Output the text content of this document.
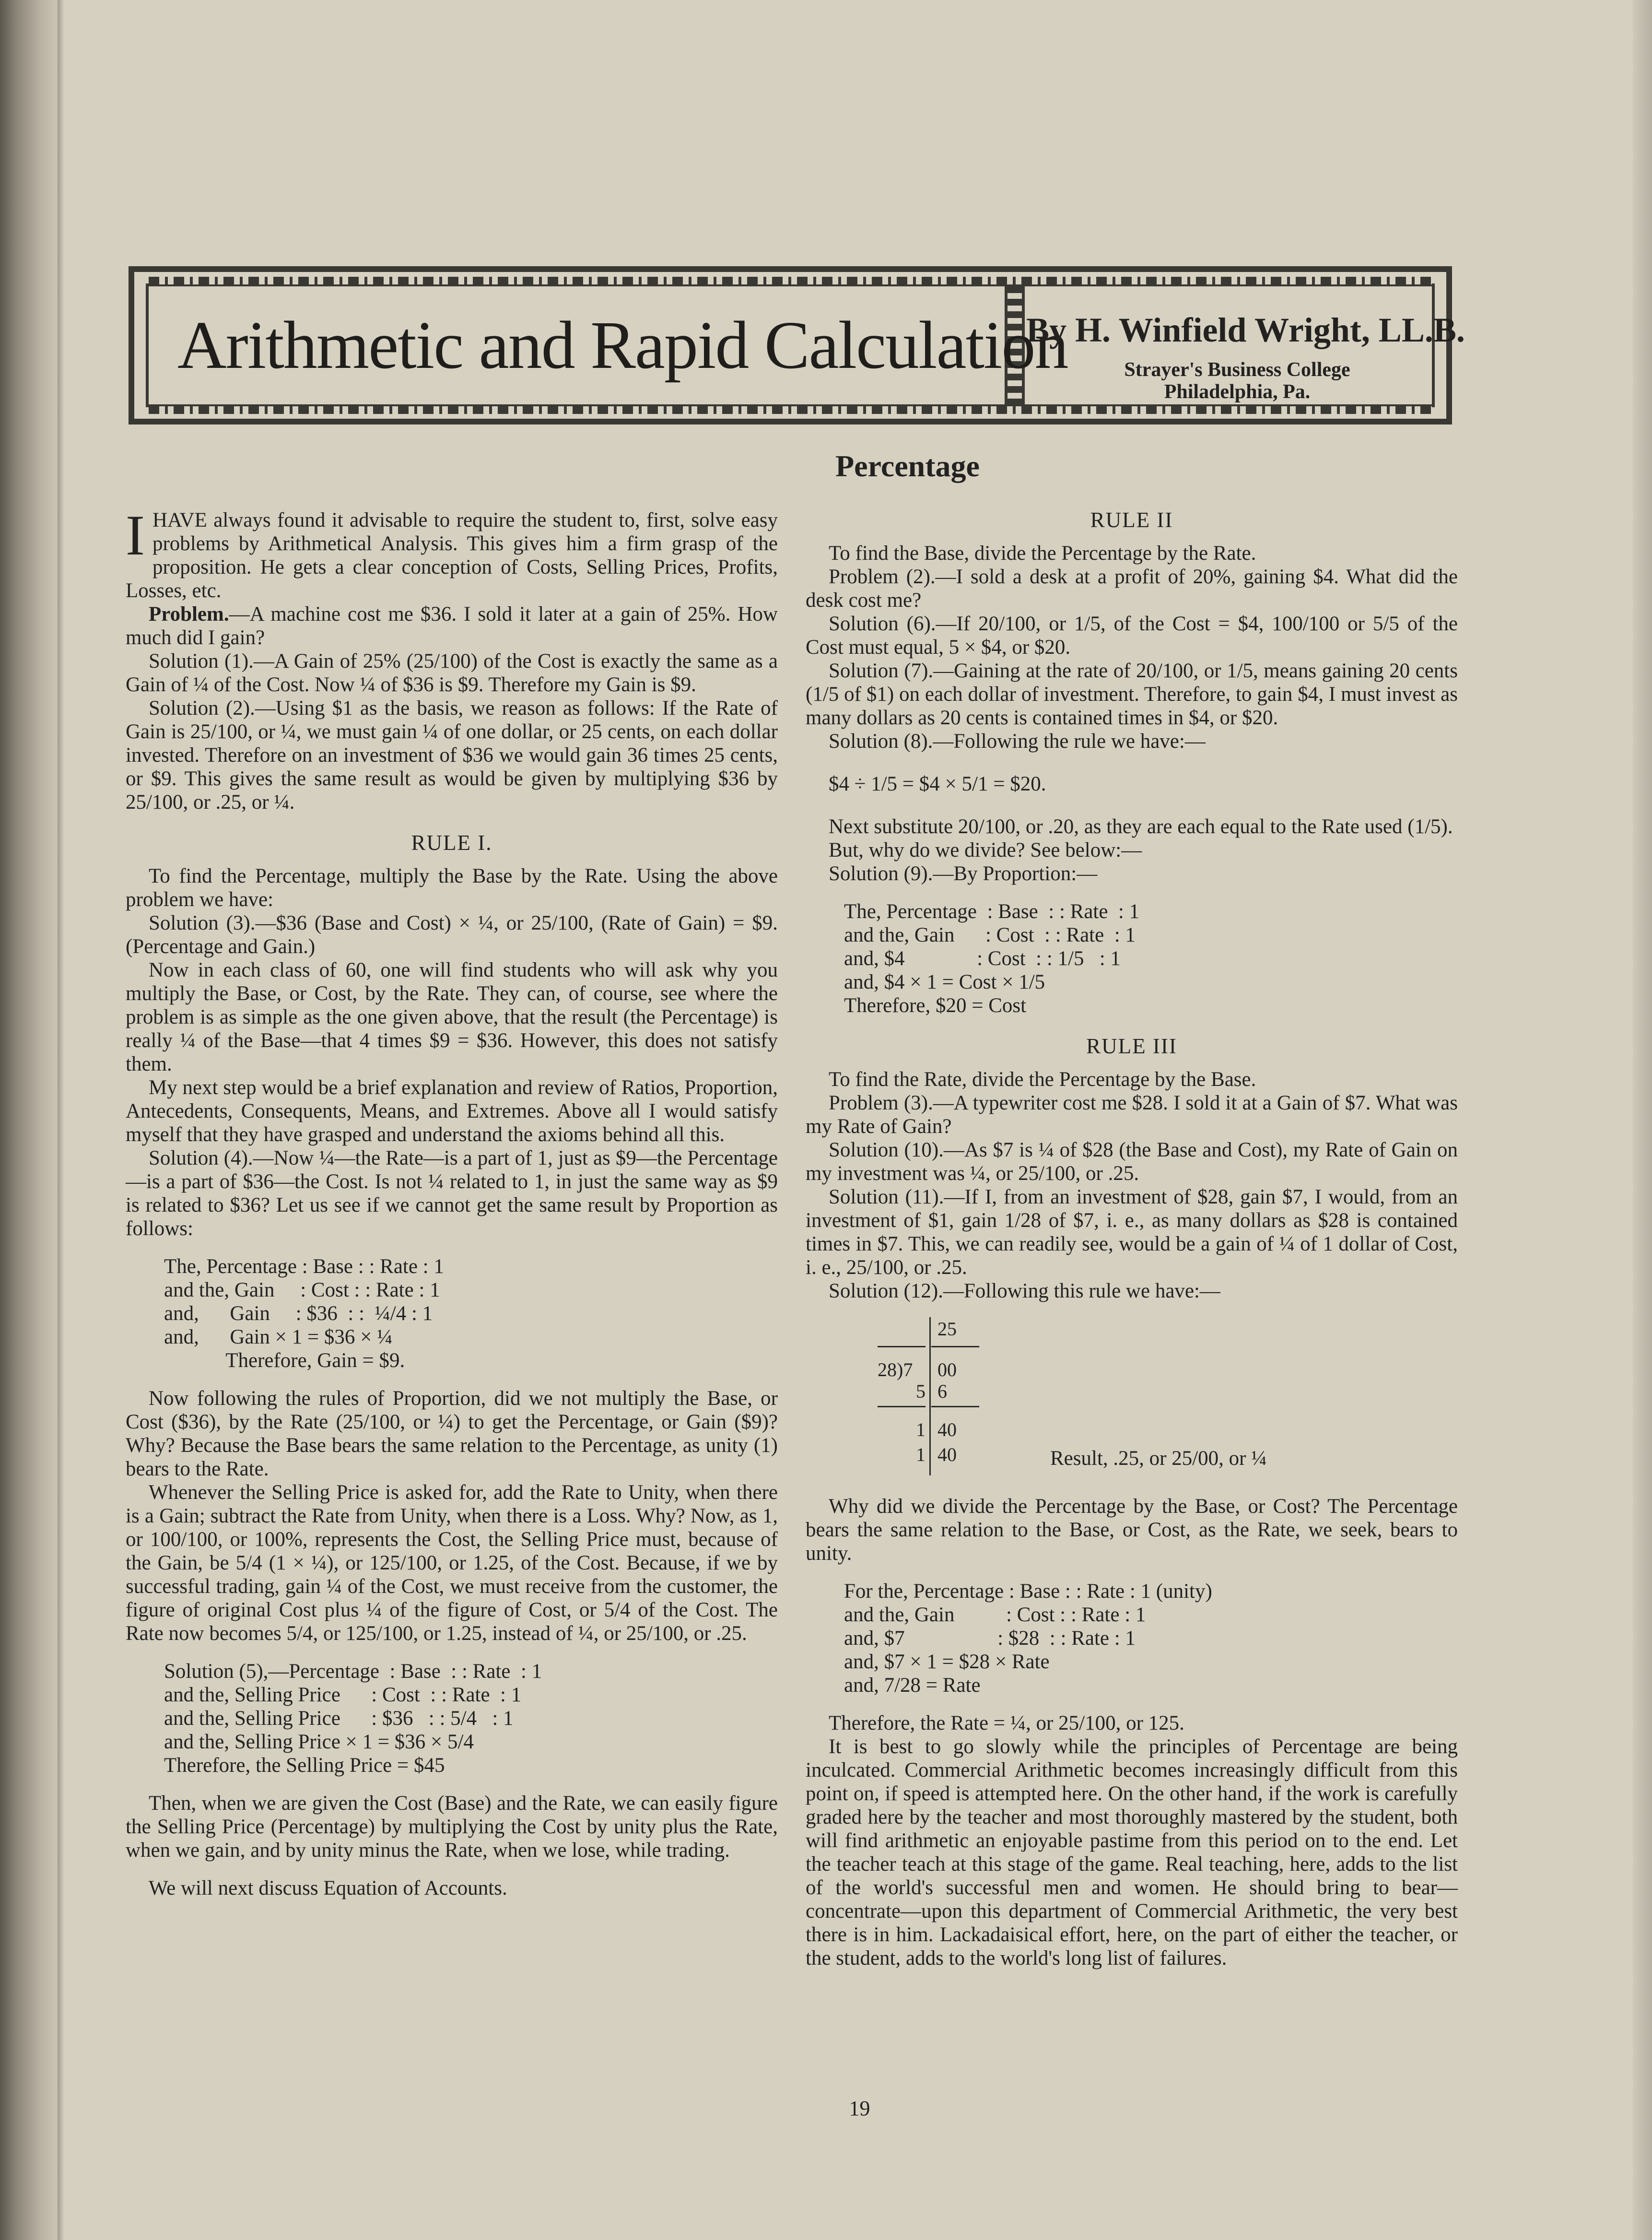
Arithmetic and Rapid Calculation
By H. Winfield Wright, LL.B.
Strayer's Business College
Philadelphia, Pa.
Percentage

IHAVE always found it advisable to require the student to, first, solve easy problems by Arithmetical Analysis. This gives him a firm grasp of the proposition. He gets a clear conception of Costs, Selling Prices, Profits, Losses, etc.

Problem.—A machine cost me $36. I sold it later at a gain of 25%. How much did I gain?

Solution (1).—A Gain of 25% (25/100) of the Cost is exactly the same as a Gain of ¼ of the Cost. Now ¼ of $36 is $9. Therefore my Gain is $9.

Solution (2).—Using $1 as the basis, we reason as follows: If the Rate of Gain is 25/100, or ¼, we must gain ¼ of one dollar, or 25 cents, on each dollar invested. Therefore on an investment of $36 we would gain 36 times 25 cents, or $9. This gives the same result as would be given by multiplying $36 by 25/100, or .25, or ¼.

RULE I.

To find the Percentage, multiply the Base by the Rate. Using the above problem we have:

Solution (3).—$36 (Base and Cost) × ¼, or 25/100, (Rate of Gain) = $9. (Percentage and Gain.)

Now in each class of 60, one will find students who will ask why you multiply the Base, or Cost, by the Rate. They can, of course, see where the problem is as simple as the one given above, that the result (the Percentage) is really ¼ of the Base—that 4 times $9 = $36. However, this does not satisfy them.

My next step would be a brief explanation and review of Ratios, Proportion, Antecedents, Consequents, Means, and Extremes. Above all I would satisfy myself that they have grasped and understand the axioms behind all this.

Solution (4).—Now ¼—the Rate—is a part of 1, just as $9—the Percentage—is a part of $36—the Cost. Is not ¼ related to 1, in just the same way as $9 is related to $36? Let us see if we cannot get the same result by Proportion as follows:

The, Percentage : Base : : Rate : 1
and the, Gain     : Cost : : Rate : 1
and,      Gain     : $36  : :  ¼/4 : 1
and,      Gain × 1 = $36 × ¼
Therefore, Gain = $9.

Now following the rules of Proportion, did we not multiply the Base, or Cost ($36), by the Rate (25/100, or ¼) to get the Percentage, or Gain ($9)? Why? Because the Base bears the same relation to the Percentage, as unity (1) bears to the Rate.

Whenever the Selling Price is asked for, add the Rate to Unity, when there is a Gain; subtract the Rate from Unity, when there is a Loss. Why? Now, as 1, or 100/100, or 100%, represents the Cost, the Selling Price must, because of the Gain, be 5/4 (1 × ¼), or 125/100, or 1.25, of the Cost. Because, if we by successful trading, gain ¼ of the Cost, we must receive from the customer, the figure of original Cost plus ¼ of the figure of Cost, or 5/4 of the Cost. The Rate now becomes 5/4, or 125/100, or 1.25, instead of ¼, or 25/100, or .25.

Solution (5),—Percentage  : Base  : : Rate  : 1
and the, Selling Price      : Cost  : : Rate  : 1
and the, Selling Price      : $36   : : 5/4   : 1
and the, Selling Price × 1 = $36 × 5/4
Therefore, the Selling Price = $45

Then, when we are given the Cost (Base) and the Rate, we can easily figure the Selling Price (Percentage) by multiplying the Cost by unity plus the Rate, when we gain, and by unity minus the Rate, when we lose, while trading.

We will next discuss Equation of Accounts.

RULE II

To find the Base, divide the Percentage by the Rate.

Problem (2).—I sold a desk at a profit of 20%, gaining $4. What did the desk cost me?

Solution (6).—If 20/100, or 1/5, of the Cost = $4, 100/100 or 5/5 of the Cost must equal, 5 × $4, or $20.

Solution (7).—Gaining at the rate of 20/100, or 1/5, means gaining 20 cents (1/5 of $1) on each dollar of investment. Therefore, to gain $4, I must invest as many dollars as 20 cents is contained times in $4, or $20.

Solution (8).—Following the rule we have:—

$4 ÷ 1/5 = $4 × 5/1 = $20.

Next substitute 20/100, or .20, as they are each equal to the Rate used (1/5).

But, why do we divide? See below:—

Solution (9).—By Proportion:—

The, Percentage  : Base  : : Rate  : 1
and the, Gain      : Cost  : : Rate  : 1
and, $4              : Cost  : : 1/5   : 1
and, $4 × 1 = Cost × 1/5
Therefore, $20 = Cost
RULE III

To find the Rate, divide the Percentage by the Base.

Problem (3).—A typewriter cost me $28. I sold it at a Gain of $7. What was my Rate of Gain?

Solution (10).—As $7 is ¼ of $28 (the Base and Cost), my Rate of Gain on my investment was ¼, or 25/100, or .25.

Solution (11).—If I, from an investment of $28, gain $7, I would, from an investment of $1, gain 1/28 of $7, i. e., as many dollars as $28 is contained times in $7. This, we can readily see, would be a gain of ¼ of 1 dollar of Cost, i. e., 25/100, or .25.

Solution (12).—Following this rule we have:—

25
28)7 00
5 6
1 40
1 40	Result, .25, or 25/00, or ¼

Why did we divide the Percentage by the Base, or Cost? The Percentage bears the same relation to the Base, or Cost, as the Rate, we seek, bears to unity.

For the, Percentage : Base : : Rate : 1 (unity)
and the, Gain          : Cost : : Rate : 1
and, $7                  : $28  : : Rate : 1
and, $7 × 1 = $28 × Rate
and, 7/28 = Rate

Therefore, the Rate = ¼, or 25/100, or 125.

It is best to go slowly while the principles of Percentage are being inculcated. Commercial Arithmetic becomes increasingly difficult from this point on, if speed is attempted here. On the other hand, if the work is carefully graded here by the teacher and most thoroughly mastered by the student, both will find arithmetic an enjoyable pastime from this period on to the end. Let the teacher teach at this stage of the game. Real teaching, here, adds to the list of the world's successful men and women. He should bring to bear—concentrate—upon this department of Commercial Arithmetic, the very best there is in him. Lackadaisical effort, here, on the part of either the teacher, or the student, adds to the world's long list of failures.

19
